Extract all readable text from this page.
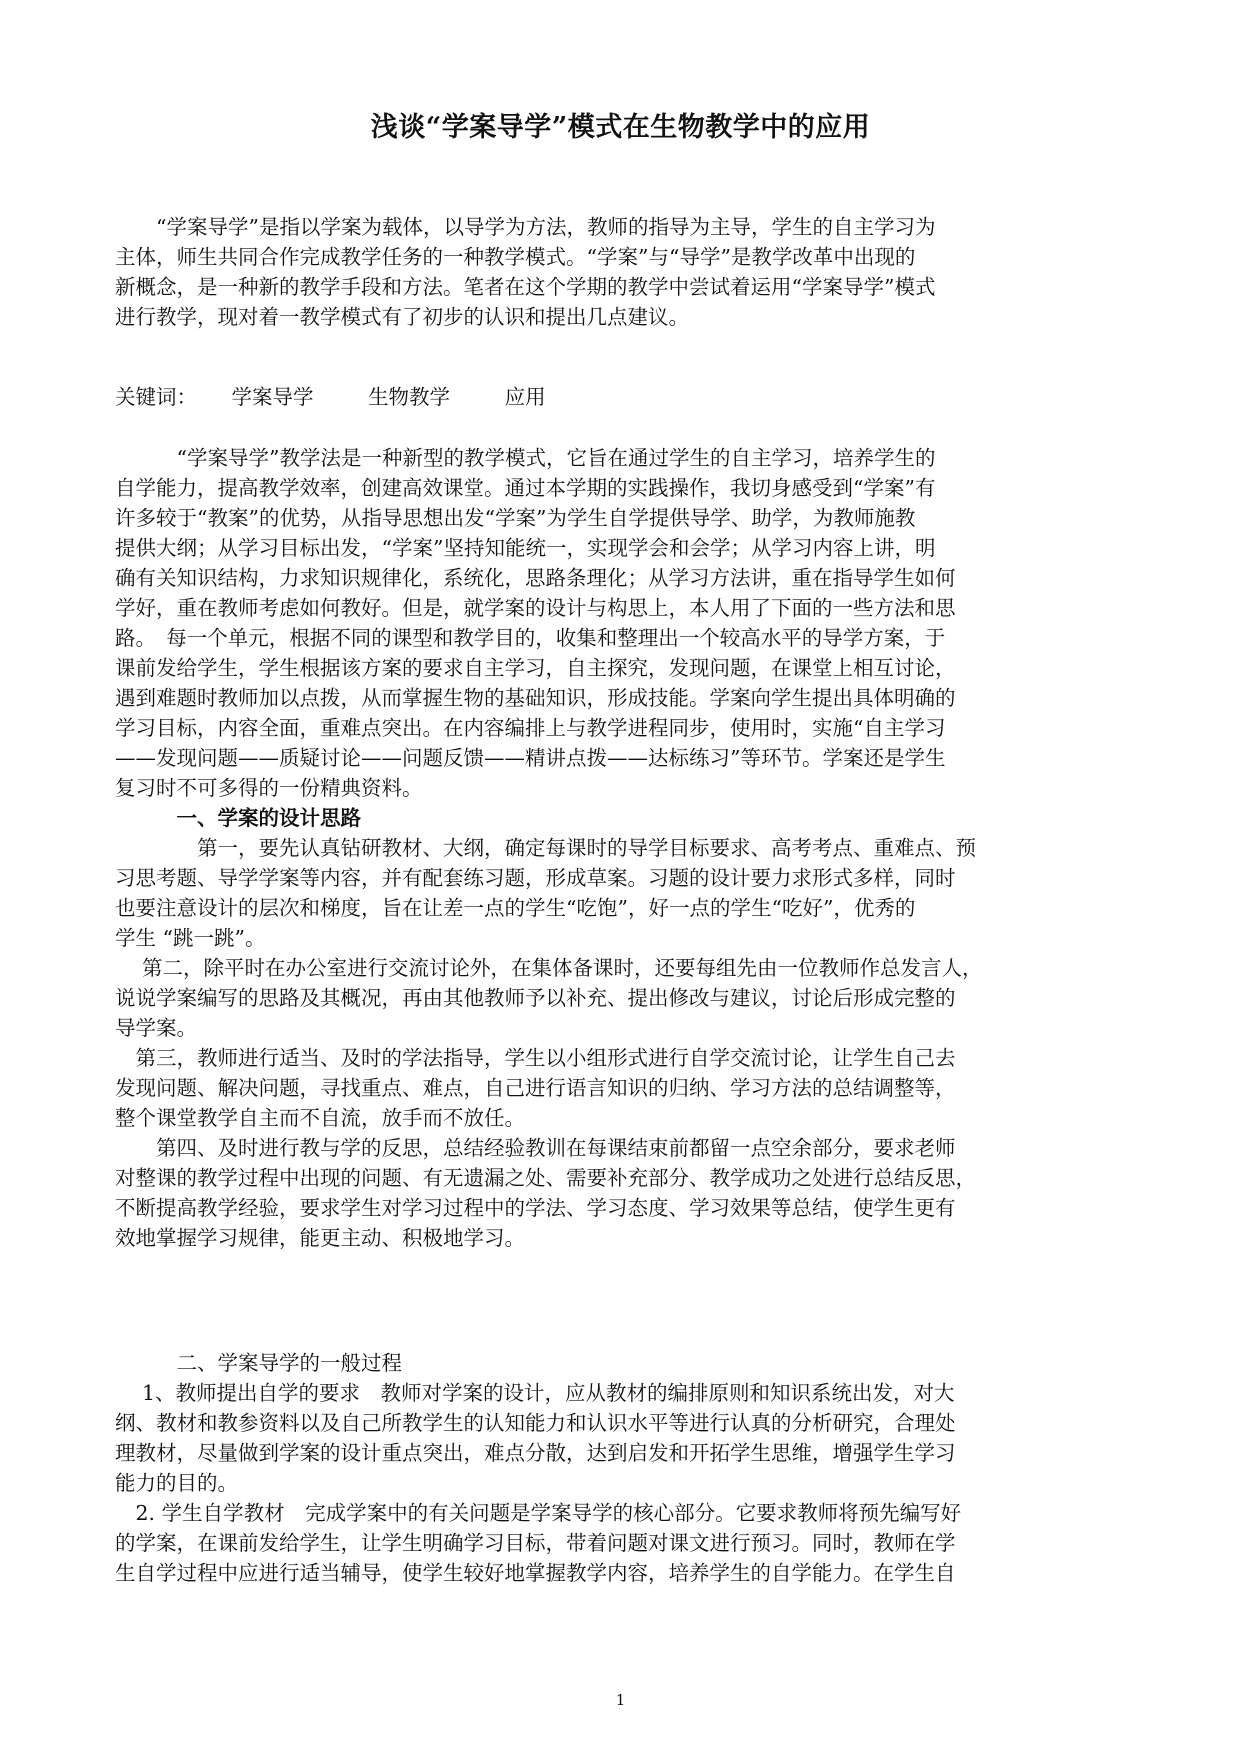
浅谈“学案导学”模式在生物教学中的应用
　　“学案导学”是指以学案为载体，以导学为方法，教师的指导为主导，学生的自主学习为
主体，师生共同合作完成教学任务的一种教学模式。“学案”与“导学”是教学改革中出现的
新概念，是一种新的教学手段和方法。笔者在这个学期的教学中尝试着运用“学案导学”模式
进行教学，现对着一教学模式有了初步的认识和提出几点建议。
关键词： 学案导学	生物教学	应用
　　　“学案导学”教学法是一种新型的教学模式，它旨在通过学生的自主学习，培养学生的
自学能力，提高教学效率，创建高效课堂。通过本学期的实践操作，我切身感受到“学案”有
许多较于“教案”的优势，从指导思想出发“学案”为学生自学提供导学、助学，为教师施教
提供大纲；从学习目标出发，“学案”坚持知能统一，实现学会和会学；从学习内容上讲，明
确有关知识结构，力求知识规律化，系统化，思路条理化；从学习方法讲，重在指导学生如何
学好，重在教师考虑如何教好。但是，就学案的设计与构思上，本人用了下面的一些方法和思
路。　每一个单元，根据不同的课型和教学目的，收集和整理出一个较高水平的导学方案，于
课前发给学生，学生根据该方案的要求自主学习，自主探究，发现问题，在课堂上相互讨论，
遇到难题时教师加以点拨，从而掌握生物的基础知识，形成技能。学案向学生提出具体明确的
学习目标，内容全面，重难点突出。在内容编排上与教学进程同步，使用时，实施“自主学习
——发现问题——质疑讨论——问题反馈——精讲点拨——达标练习”等环节。学案还是学生
复习时不可多得的一份精典资料。
　　　一、学案的设计思路
　　　　第一，要先认真钻研教材、大纲，确定每课时的导学目标要求、高考考点、重难点、预
习思考题、导学学案等内容，并有配套练习题，形成草案。习题的设计要力求形式多样，同时
也要注意设计的层次和梯度，旨在让差一点的学生“吃饱”，好一点的学生“吃好”，优秀的
学生 “跳一跳”。
　 第二，除平时在办公室进行交流讨论外，在集体备课时，还要每组先由一位教师作总发言人，
说说学案编写的思路及其概况，再由其他教师予以补充、提出修改与建议，讨论后形成完整的
导学案。
　第三，教师进行适当、及时的学法指导，学生以小组形式进行自学交流讨论，让学生自己去
发现问题、解决问题，寻找重点、难点，自己进行语言知识的归纳、学习方法的总结调整等，
整个课堂教学自主而不自流，放手而不放任。
　　第四、及时进行教与学的反思，总结经验教训在每课结束前都留一点空余部分，要求老师
对整课的教学过程中出现的问题、有无遗漏之处、需要补充部分、教学成功之处进行总结反思，
不断提高教学经验，要求学生对学习过程中的学法、学习态度、学习效果等总结，使学生更有
效地掌握学习规律，能更主动、积极地学习。
　　　二、学案导学的一般过程
　 1、教师提出自学的要求　教师对学案的设计，应从教材的编排原则和知识系统出发，对大
纲、教材和教参资料以及自己所教学生的认知能力和认识水平等进行认真的分析研究，合理处
理教材，尽量做到学案的设计重点突出，难点分散，达到启发和开拓学生思维，增强学生学习
能力的目的。
　2. 学生自学教材　完成学案中的有关问题是学案导学的核心部分。它要求教师将预先编写好
的学案，在课前发给学生，让学生明确学习目标，带着问题对课文进行预习。同时，教师在学
生自学过程中应进行适当辅导，使学生较好地掌握教学内容，培养学生的自学能力。在学生自
1
